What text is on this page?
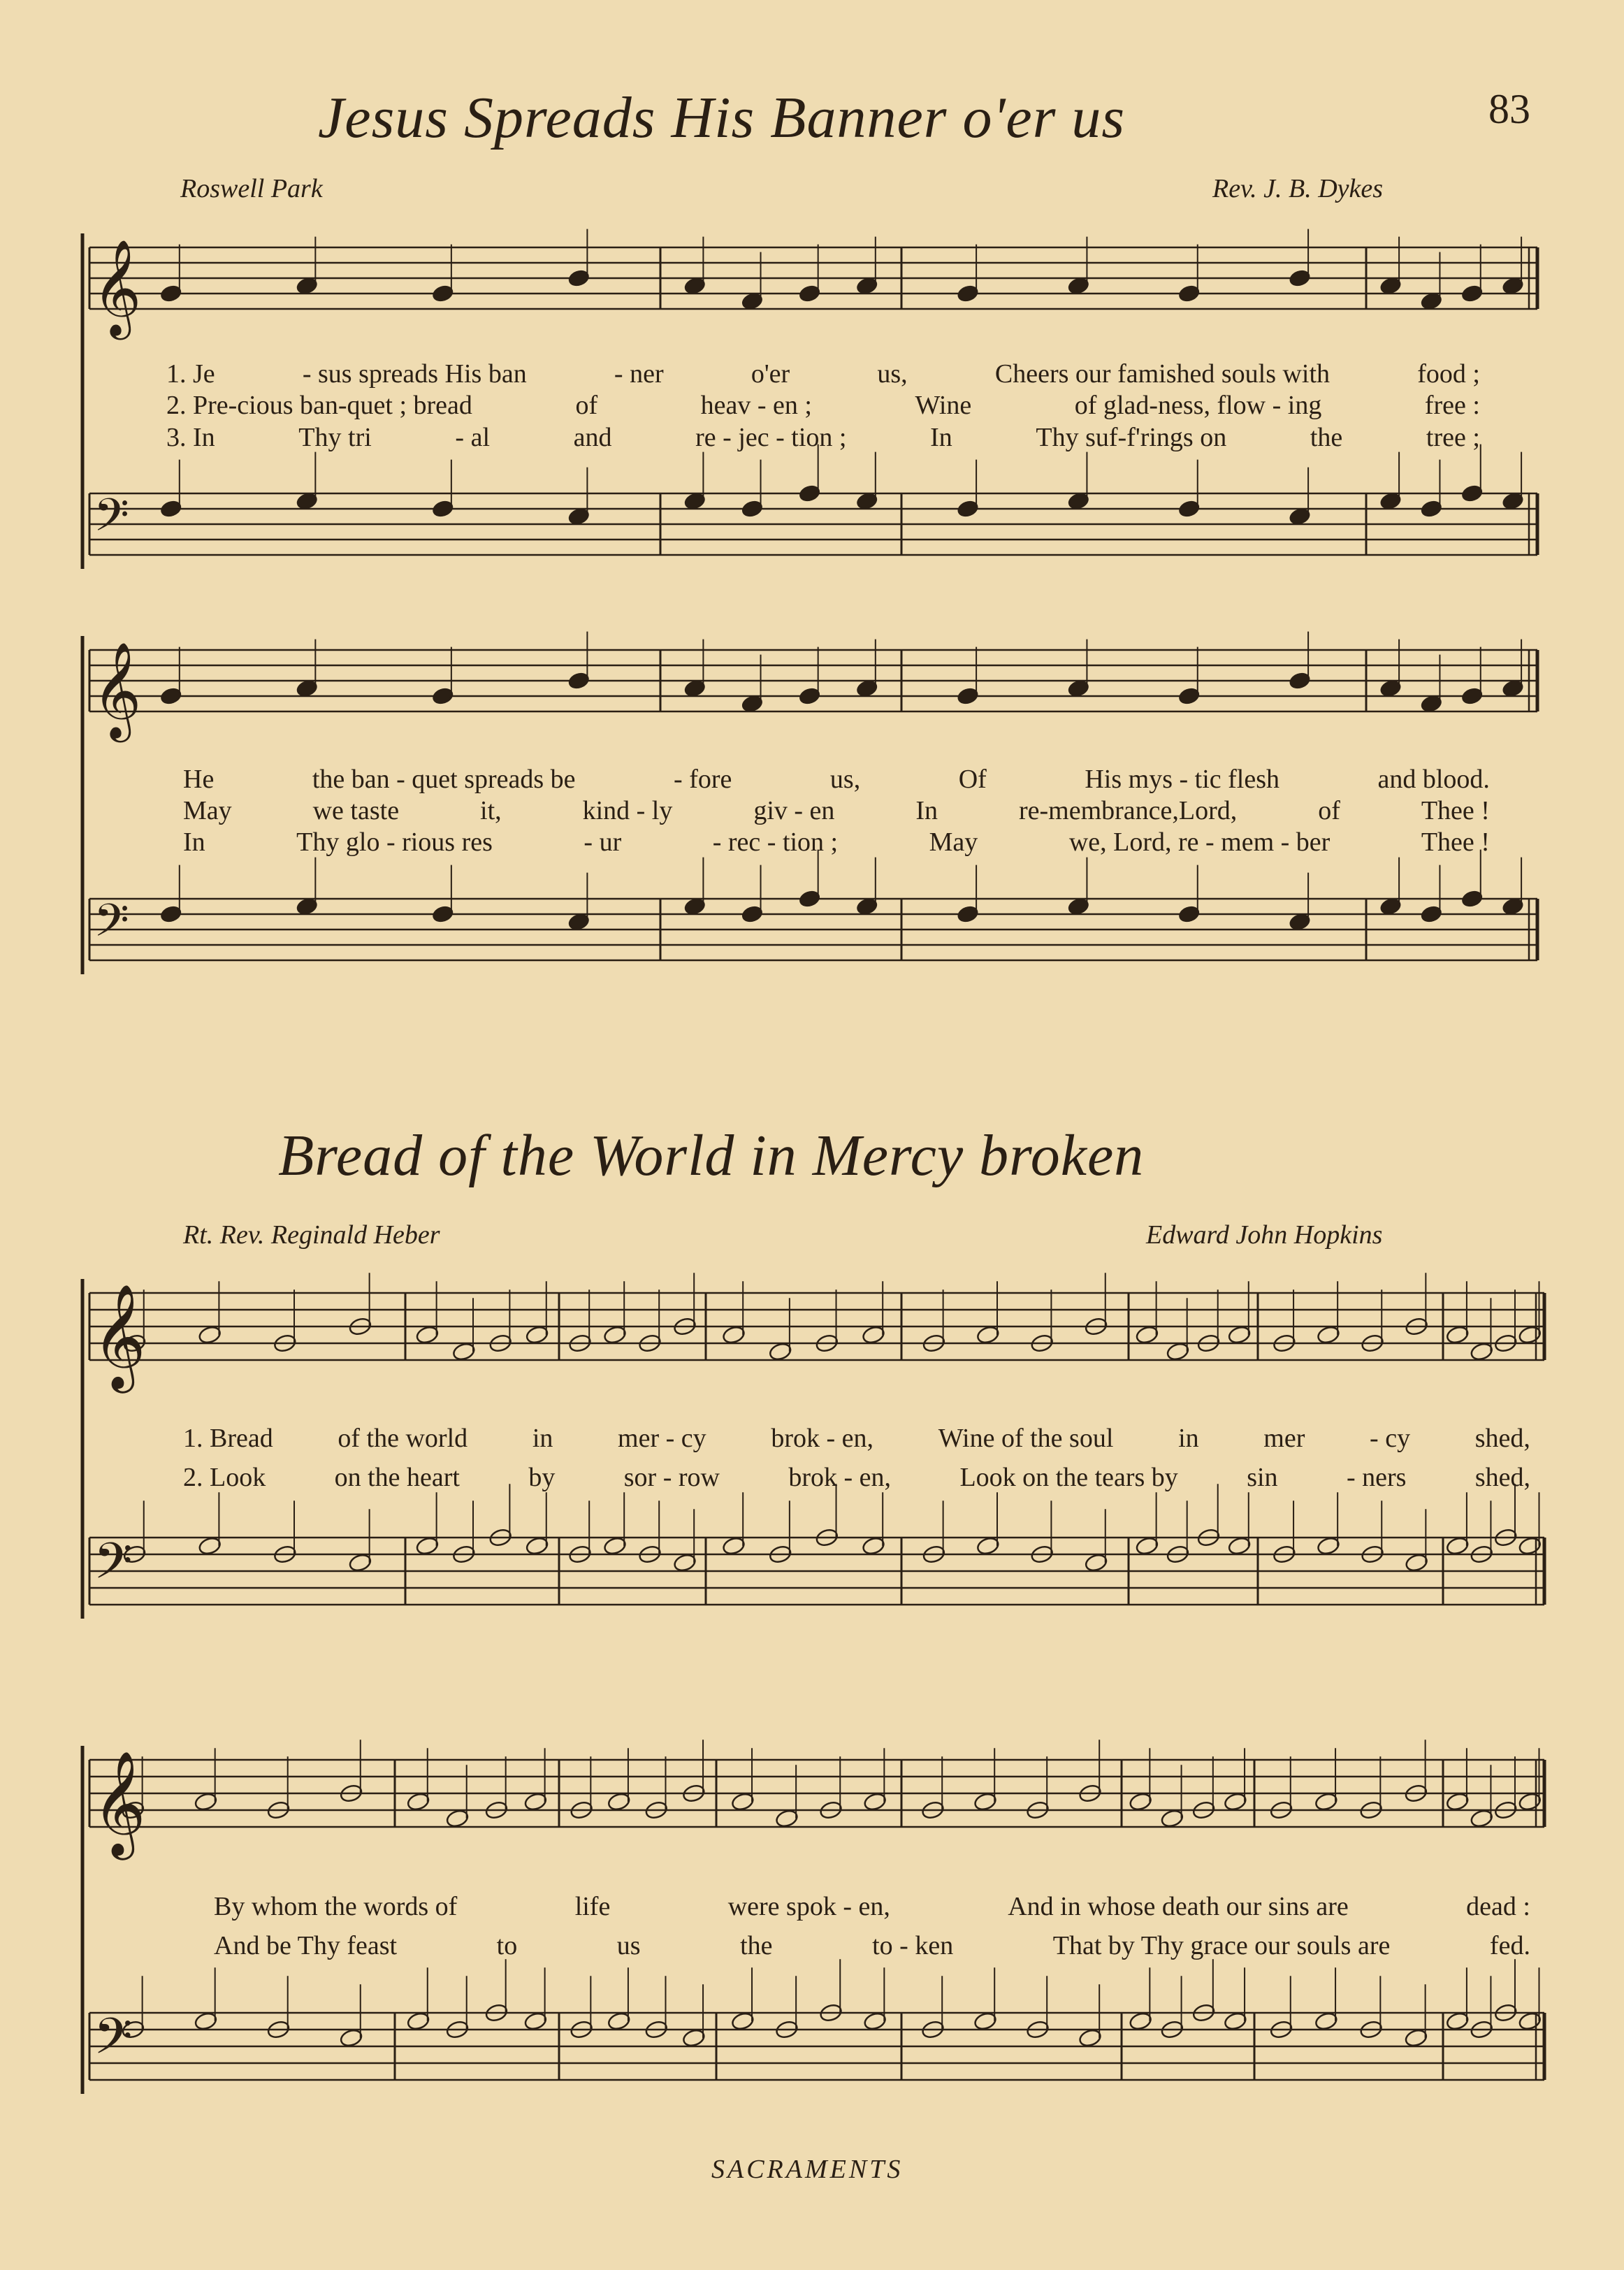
𝄞
𝄢
𝄞
𝄢
𝄞
𝄢
𝄞
𝄢
83
Jesus Spreads His Banner o'er us
Roswell Park	Rev. J. B. Dykes
1. Je	- sus spreads His ban	- ner	o'er	us,	Cheers our famished souls with	food ;
2. Pre-cious ban-quet ; bread	of	heav - en ;	Wine	of glad-ness, flow - ing	free :
3. In	Thy tri	- al	and	re - jec - tion ;	In	Thy suf-f'rings on	the	tree ;
He	the ban - quet spreads be	- fore	us,	Of	His mys - tic flesh	and blood.
May	we taste	it,	kind - ly	giv - en	In	re-membrance,Lord,	of	Thee !
In	Thy glo - rious res	- ur	- rec - tion ;	May	we, Lord, re - mem - ber	Thee !
Bread of the World in Mercy broken
Rt. Rev. Reginald Heber	Edward John Hopkins
1. Bread of the world in mer - cy brok - en, Wine of the soul in mer - cy shed,
2. Look	on the heart	by	sor - row	brok - en,	Look on the tears by	sin	- ners	shed,
By whom the words of	life	were spok - en,	And in whose death our sins are	dead :
And be Thy feast	to	us	the	to - ken	That by Thy grace our souls are	fed.
SACRAMENTS
